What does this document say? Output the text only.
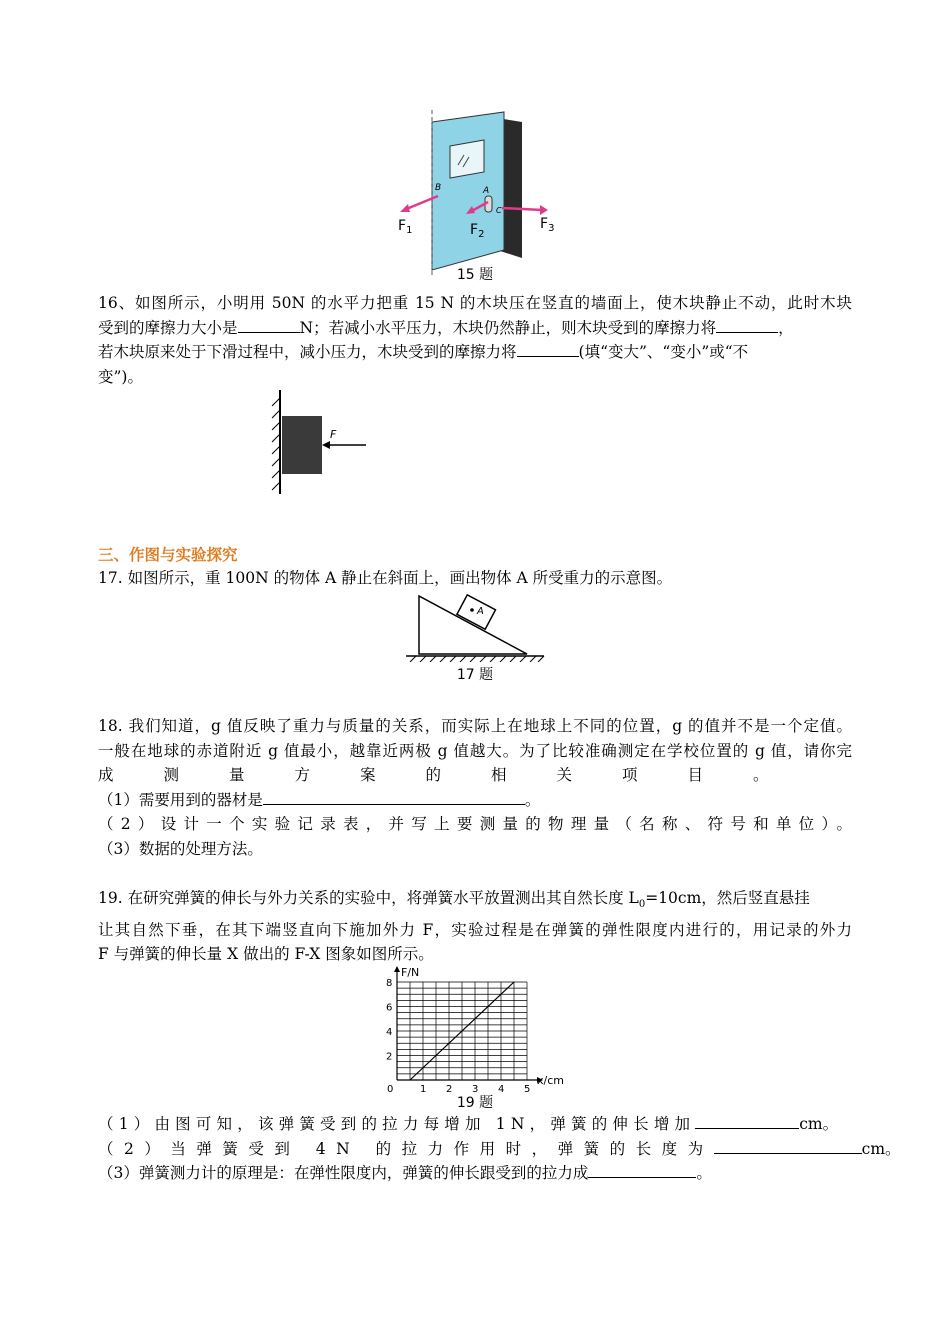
B	A
C
$F_1$	$F_2$
$F_3$
15 题
16、如图所示，小明用 50N 的水平力把重 15 N 的木块压在竖直的墙面上，使木块静止不动，此时木块
受到的摩擦力大小是	N；若减小水平压力，木块仍然静止，则木块受到的摩擦力将	，
若木块原来处于下滑过程中，减小压力，木块受到的摩擦力将	(填“变大”、“变小”或“不
变”)。
F
三、作图与实验探究
17. 如图所示，重 100N 的物体 A 静止在斜面上，画出物体 A 所受重力的示意图。
A
17 题
18. 我们知道，g 值反映了重力与质量的关系，而实际上在地球上不同的位置，g 的值并不是一个定值。
一般在地球的赤道附近 g 值最小，越靠近两极 g 值越大。为了比较准确测定在学校位置的 g 值，请你完
成测量方案的相关项目。
（1）需要用到的器材是	。
（2）设计一个实验记录表，并写上要测量的物理量（名称、符号和单位）。
（3）数据的处理方法。
19. 在研究弹簧的伸长与外力关系的实验中，将弹簧水平放置测出其自然长度 $L_0=10cm$，然后竖直悬挂
让其自然下垂，在其下端竖直向下施加外力 F，实验过程是在弹簧的弹性限度内进行的，用记录的外力
F 与弹簧的伸长量 X 做出的 F-X 图象如图所示。
0	1 2 3 4 5
2
4
6
8
x/cm
F/N
19 题
（1）由图可知，该弹簧受到的拉力每增加 1N，弹簧的伸长增加	cm。
（2）当弹簧受到 4N 的拉力作用时，弹簧的长度为	cm。
（3）弹簧测力计的原理是：在弹性限度内，弹簧的伸长跟受到的拉力成	。
